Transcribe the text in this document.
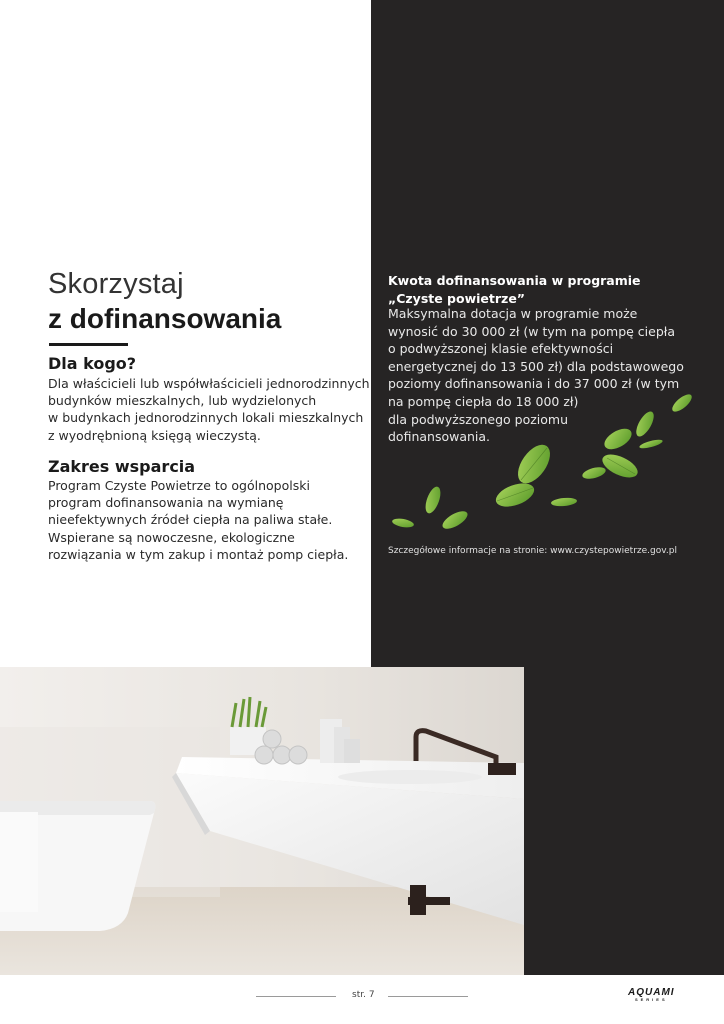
Skorzystaj
z dofinansowania
Dla kogo?
Dla właścicieli lub współwłaścicieli jednorodzinnych
budynków mieszkalnych, lub wydzielonych
w budynkach jednorodzinnych lokali mieszkalnych
z wyodrębnioną księgą wieczystą.
Zakres wsparcia
Program Czyste Powietrze to ogólnopolski
program dofinansowania na wymianę
nieefektywnych źródeł ciepła na paliwa stałe.
Wspierane są nowoczesne, ekologiczne
rozwiązania w tym zakup i montaż pomp ciepła.
Kwota dofinansowania w programie
„Czyste powietrze”
Maksymalna dotacja w programie może
wynosić do 30 000 zł (w tym na pompę ciepła
o podwyższonej klasie efektywności
energetycznej do 13 500 zł) dla podstawowego
poziomy dofinansowania i do 37 000 zł (w tym
na pompę ciepła do 18 000 zł)
dla podwyższonego poziomu
dofinansowania.
Szczegółowe informacje na stronie: www.czystepowietrze.gov.pl
str. 7	AQUAMI
SERIES
